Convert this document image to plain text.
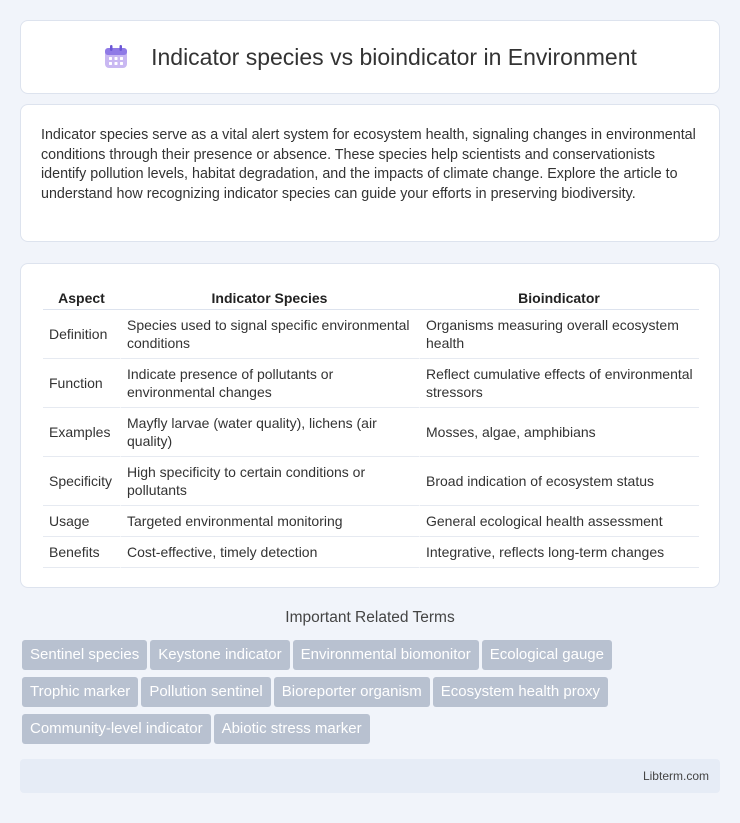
Indicator species vs bioindicator in Environment

Indicator species serve as a vital alert system for ecosystem health, signaling changes in environmental conditions through their presence or absence. These species help scientists and conservationists identify pollution levels, habitat degradation, and the impacts of climate change. Explore the article to understand how recognizing indicator species can guide your efforts in preserving biodiversity.

Aspect	Indicator Species	Bioindicator
Definition	Species used to signal specific environmental conditions	Organisms measuring overall ecosystem health
Function	Indicate presence of pollutants or environmental changes	Reflect cumulative effects of environmental stressors
Examples	Mayfly larvae (water quality), lichens (air quality)	Mosses, algae, amphibians
Specificity	High specificity to certain conditions or pollutants	Broad indication of ecosystem status
Usage	Targeted environmental monitoring	General ecological health assessment
Benefits	Cost-effective, timely detection	Integrative, reflects long-term changes
Important Related Terms
Sentinel species Keystone indicator Environmental biomonitor Ecological gauge
Trophic marker Pollution sentinel Bioreporter organism Ecosystem health proxy
Community-level indicator Abiotic stress marker
Libterm.com
